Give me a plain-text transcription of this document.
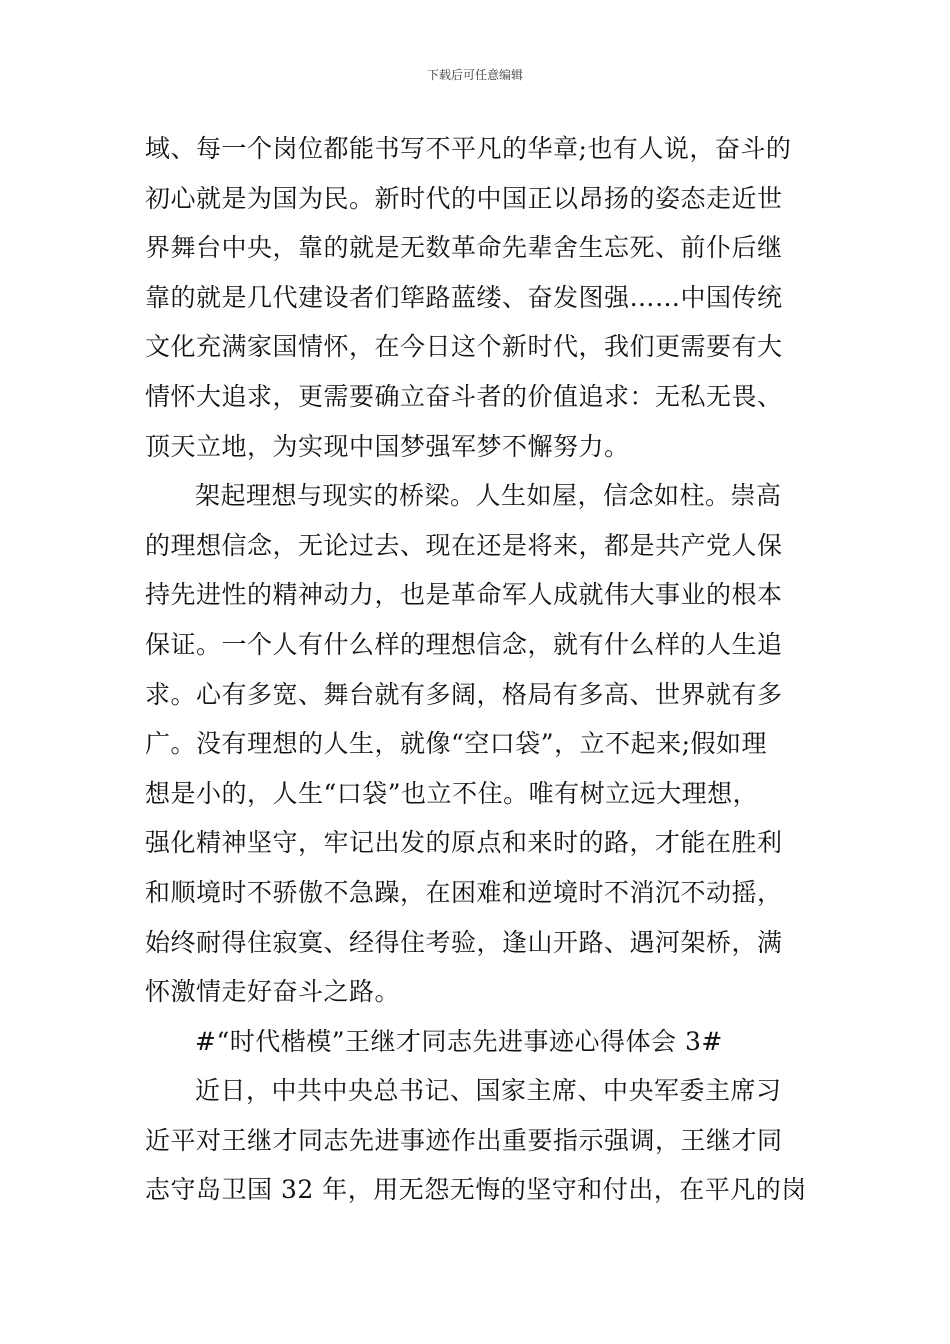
下载后可任意编辑
域、每一个岗位都能书写不平凡的华章;也有人说，奋斗的
初心就是为国为民。新时代的中国正以昂扬的姿态走近世
界舞台中央，靠的就是无数革命先辈舍生忘死、前仆后继
靠的就是几代建设者们筚路蓝缕、奋发图强……中国传统
文化充满家国情怀，在今日这个新时代，我们更需要有大
情怀大追求，更需要确立奋斗者的价值追求：无私无畏、
顶天立地，为实现中国梦强军梦不懈努力。
架起理想与现实的桥梁。人生如屋，信念如柱。崇高
的理想信念，无论过去、现在还是将来，都是共产党人保
持先进性的精神动力，也是革命军人成就伟大事业的根本
保证。一个人有什么样的理想信念，就有什么样的人生追
求。心有多宽、舞台就有多阔，格局有多高、世界就有多
广。没有理想的人生，就像“空口袋”，立不起来;假如理
想是小的，人生“口袋”也立不住。唯有树立远大理想，
强化精神坚守，牢记出发的原点和来时的路，才能在胜利
和顺境时不骄傲不急躁，在困难和逆境时不消沉不动摇，
始终耐得住寂寞、经得住考验，逢山开路、遇河架桥，满
怀激情走好奋斗之路。
#“时代楷模”王继才同志先进事迹心得体会 3#
近日，中共中央总书记、国家主席、中央军委主席习
近平对王继才同志先进事迹作出重要指示强调，王继才同
志守岛卫国 32 年，用无怨无悔的坚守和付出，在平凡的岗
